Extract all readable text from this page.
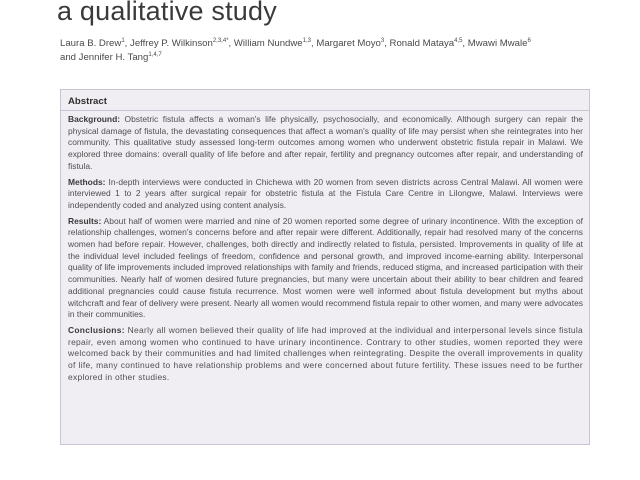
a qualitative study
Laura B. Drew$^1$, Jeffrey P. Wilkinson$^{2,3,4*}$, William Nundwe$^{1,3}$, Margaret Moyo$^3$, Ronald Mataya$^{4,5}$, Mwawi Mwale$^6$
and Jennifer H. Tang$^{1,4,7}$
Abstract

Background: Obstetric fistula affects a woman's life physically, psychosocially, and economically. Although surgery can repair the physical damage of fistula, the devastating consequences that affect a woman's quality of life may persist when she reintegrates into her community. This qualitative study assessed long-term outcomes among women who underwent obstetric fistula repair in Malawi. We explored three domains: overall quality of life before and after repair, fertility and pregnancy outcomes after repair, and understanding of fistula.

Methods: In-depth interviews were conducted in Chichewa with 20 women from seven districts across Central Malawi. All women were interviewed 1 to 2 years after surgical repair for obstetric fistula at the Fistula Care Centre in Lilongwe, Malawi. Interviews were independently coded and analyzed using content analysis.

Results: About half of women were married and nine of 20 women reported some degree of urinary incontinence. With the exception of relationship challenges, women's concerns before and after repair were different. Additionally, repair had resolved many of the concerns women had before repair. However, challenges, both directly and indirectly related to fistula, persisted. Improvements in quality of life at the individual level included feelings of freedom, confidence and personal growth, and improved income-earning ability. Interpersonal quality of life improvements included improved relationships with family and friends, reduced stigma, and increased participation with their communities. Nearly half of women desired future pregnancies, but many were uncertain about their ability to bear children and feared additional pregnancies could cause fistula recurrence. Most women were well informed about fistula development but myths about witchcraft and fear of delivery were present. Nearly all women would recommend fistula repair to other women, and many were advocates in their communities.

Conclusions: Nearly all women believed their quality of life had improved at the individual and interpersonal levels since fistula repair, even among women who continued to have urinary incontinence. Contrary to other studies, women reported they were welcomed back by their communities and had limited challenges when reintegrating. Despite the overall improvements in quality of life, many continued to have relationship problems and were concerned about future fertility. These issues need to be further explored in other studies.
